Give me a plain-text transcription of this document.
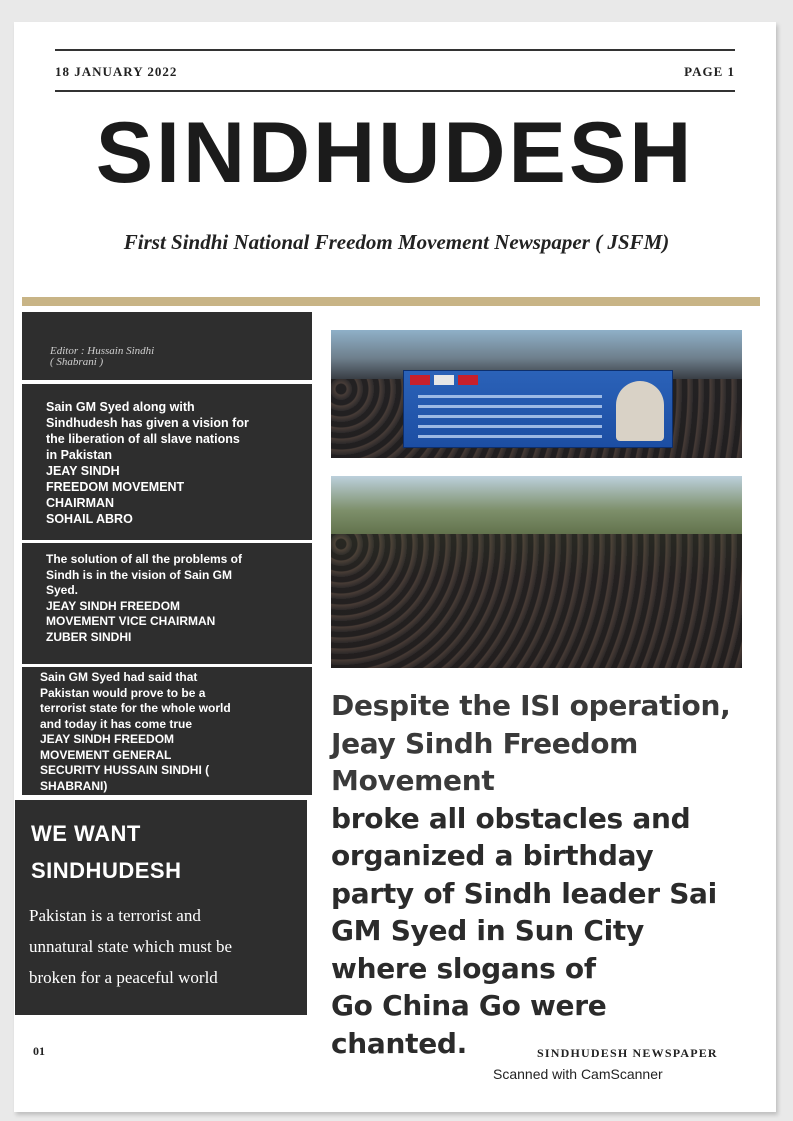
18 JANUARY 2022	PAGE 1
SINDHUDESH
First Sindhi National Freedom Movement Newspaper ( JSFM)
Editor : Hussain Sindhi
( Shabrani )
Sain GM Syed along with
Sindhudesh has given a vision for
the liberation of all slave nations
in Pakistan
JEAY SINDH
FREEDOM MOVEMENT
CHAIRMAN
SOHAIL ABRO
The solution of all the problems of
Sindh is in the vision of Sain GM
Syed.
JEAY SINDH FREEDOM
MOVEMENT VICE CHAIRMAN
ZUBER SINDHI
Sain GM Syed had said that
Pakistan would prove to be a
terrorist state for the whole world
and today it has come true
JEAY SINDH FREEDOM
MOVEMENT GENERAL
SECURITY HUSSAIN SINDHI (
SHABRANI)
WE WANT
SINDHUDESH
Pakistan is a terrorist and
unnatural state which must be
broken for a peaceful world
Despite the ISI operation,
Jeay Sindh Freedom
Movement
broke all obstacles and
organized a birthday
party of Sindh leader Sai
GM Syed in Sun City
where slogans of
Go China Go were
chanted.
01	SINDHUDESH NEWSPAPER
Scanned with CamScanner
